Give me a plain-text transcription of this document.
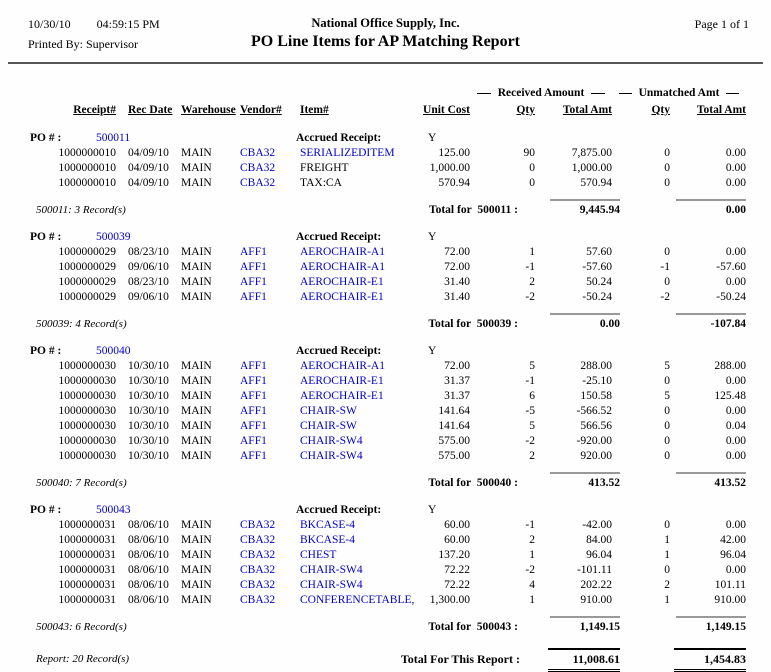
10/30/10 04:59:15 PM
Printed By: Supervisor
National Office Supply, Inc.
PO Line Items for AP Matching Report
Page 1 of 1
Received Amount	Unmatched Amt
Receipt#	Rec Date Warehouse Vendor#	Item#	Unit Cost	Qty	Total Amt	Qty	Total Amt
PO # :	500011	Accrued Receipt:	Y
1000000010	04/09/10	MAIN	CBA32	SERIALIZEDITEM	125.00	90	7,875.00	0	0.00
1000000010	04/09/10	MAIN	CBA32	FREIGHT	1,000.00	0	1,000.00	0	0.00
1000000010	04/09/10	MAIN	CBA32	TAX:CA	570.94	0	570.94	0	0.00
500011: 3 Record(s)	Total for  500011 :	9,445.94	0.00
PO # :	500039	Accrued Receipt:	Y
1000000029	08/23/10	MAIN	AFF1	AEROCHAIR-A1	72.00	1	57.60	0	0.00
1000000029	09/06/10	MAIN	AFF1	AEROCHAIR-A1	72.00	-1	-57.60	-1	-57.60
1000000029	08/23/10	MAIN	AFF1	AEROCHAIR-E1	31.40	2	50.24	0	0.00
1000000029	09/06/10	MAIN	AFF1	AEROCHAIR-E1	31.40	-2	-50.24	-2	-50.24
500039: 4 Record(s)	Total for  500039 :	0.00	-107.84
PO # :	500040	Accrued Receipt:	Y
1000000030	10/30/10	MAIN	AFF1	AEROCHAIR-A1	72.00	5	288.00	5	288.00
1000000030	10/30/10	MAIN	AFF1	AEROCHAIR-E1	31.37	-1	-25.10	0	0.00
1000000030	10/30/10	MAIN	AFF1	AEROCHAIR-E1	31.37	6	150.58	5	125.48
1000000030	10/30/10	MAIN	AFF1	CHAIR-SW	141.64	-5	-566.52	0	0.00
1000000030	10/30/10	MAIN	AFF1	CHAIR-SW	141.64	5	566.56	0	0.04
1000000030	10/30/10	MAIN	AFF1	CHAIR-SW4	575.00	-2	-920.00	0	0.00
1000000030	10/30/10	MAIN	AFF1	CHAIR-SW4	575.00	2	920.00	0	0.00
500040: 7 Record(s)	Total for  500040 :	413.52	413.52
PO # :	500043	Accrued Receipt:	Y
1000000031	08/06/10	MAIN	CBA32	BKCASE-4	60.00	-1	-42.00	0	0.00
1000000031	08/06/10	MAIN	CBA32	BKCASE-4	60.00	2	84.00	1	42.00
1000000031	08/06/10	MAIN	CBA32	CHEST	137.20	1	96.04	1	96.04
1000000031	08/06/10	MAIN	CBA32	CHAIR-SW4	72.22	-2	-101.11	0	0.00
1000000031	08/06/10	MAIN	CBA32	CHAIR-SW4	72.22	4	202.22	2	101.11
1000000031	08/06/10	MAIN	CBA32	CONFERENCETABLE,	1,300.00	1	910.00	1	910.00
500043: 6 Record(s)	Total for  500043 :	1,149.15	1,149.15
Report: 20 Record(s)	Total For This Report :	11,008.61	1,454.83
